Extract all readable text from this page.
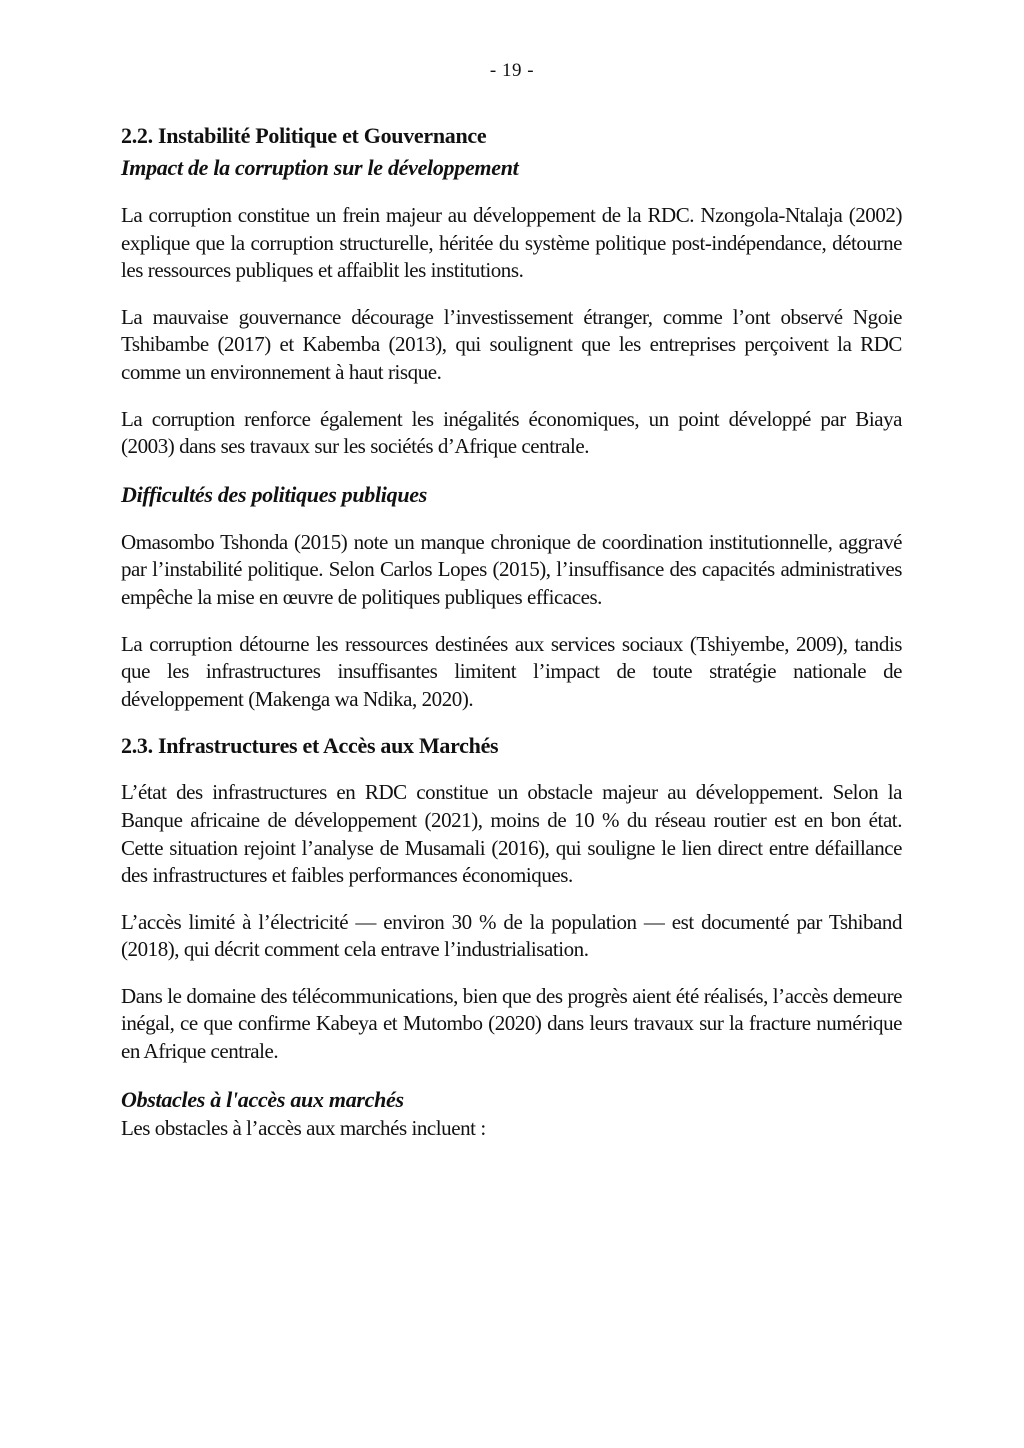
- 19 -
2.2. Instabilité Politique et Gouvernance
Impact de la corruption sur le développement

La corruption constitue un frein majeur au développement de la RDC. Nzongola-Ntalaja (2002) explique que la corruption structurelle, héritée du système politique post-indépendance, détourne les ressources publiques et affaiblit les institutions.

La mauvaise gouvernance décourage l’investissement étranger, comme l’ont observé Ngoie Tshibambe (2017) et Kabemba (2013), qui soulignent que les entreprises perçoivent la RDC comme un environnement à haut risque.

La corruption renforce également les inégalités économiques, un point développé par Biaya (2003) dans ses travaux sur les sociétés d’Afrique centrale.

Difficultés des politiques publiques

Omasombo Tshonda (2015) note un manque chronique de coordination institutionnelle, aggravé par l’instabilité politique. Selon Carlos Lopes (2015), l’insuffisance des capacités administratives empêche la mise en œuvre de politiques publiques efficaces.

La corruption détourne les ressources destinées aux services sociaux (Tshiyembe, 2009), tandis que les infrastructures insuffisantes limitent l’impact de toute stratégie nationale de développement (Makenga wa Ndika, 2020).

2.3. Infrastructures et Accès aux Marchés

L’état des infrastructures en RDC constitue un obstacle majeur au développement. Selon la Banque africaine de développement (2021), moins de 10 % du réseau routier est en bon état. Cette situation rejoint l’analyse de Musamali (2016), qui souligne le lien direct entre défaillance des infrastructures et faibles performances économiques.

L’accès limité à l’électricité — environ 30 % de la population — est documenté par Tshiband (2018), qui décrit comment cela entrave l’industrialisation.

Dans le domaine des télécommunications, bien que des progrès aient été réalisés, l’accès demeure inégal, ce que confirme Kabeya et Mutombo (2020) dans leurs travaux sur la fracture numérique en Afrique centrale.

Obstacles à l'accès aux marchés

Les obstacles à l’accès aux marchés incluent :
